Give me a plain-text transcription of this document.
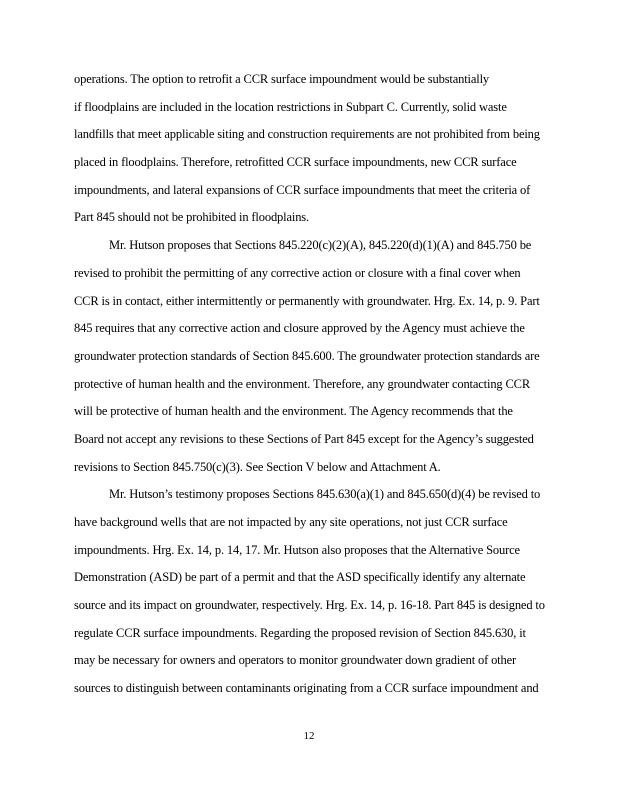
operations. The option to retrofit a CCR surface impoundment would be substantially
if floodplains are included in the location restrictions in Subpart C. Currently, solid waste
landfills that meet applicable siting and construction requirements are not prohibited from being
placed in floodplains. Therefore, retrofitted CCR surface impoundments, new CCR surface
impoundments, and lateral expansions of CCR surface impoundments that meet the criteria of
Part 845 should not be prohibited in floodplains.
Mr. Hutson proposes that Sections 845.220(c)(2)(A), 845.220(d)(1)(A) and 845.750 be
revised to prohibit the permitting of any corrective action or closure with a final cover when
CCR is in contact, either intermittently or permanently with groundwater. Hrg. Ex. 14, p. 9. Part
845 requires that any corrective action and closure approved by the Agency must achieve the
groundwater protection standards of Section 845.600. The groundwater protection standards are
protective of human health and the environment. Therefore, any groundwater contacting CCR
will be protective of human health and the environment. The Agency recommends that the
Board not accept any revisions to these Sections of Part 845 except for the Agency’s suggested
revisions to Section 845.750(c)(3). See Section V below and Attachment A.
Mr. Hutson’s testimony proposes Sections 845.630(a)(1) and 845.650(d)(4) be revised to
have background wells that are not impacted by any site operations, not just CCR surface
impoundments. Hrg. Ex. 14, p. 14, 17. Mr. Hutson also proposes that the Alternative Source
Demonstration (ASD) be part of a permit and that the ASD specifically identify any alternate
source and its impact on groundwater, respectively. Hrg. Ex. 14, p. 16-18. Part 845 is designed to
regulate CCR surface impoundments. Regarding the proposed revision of Section 845.630, it
may be necessary for owners and operators to monitor groundwater down gradient of other
sources to distinguish between contaminants originating from a CCR surface impoundment and
12
